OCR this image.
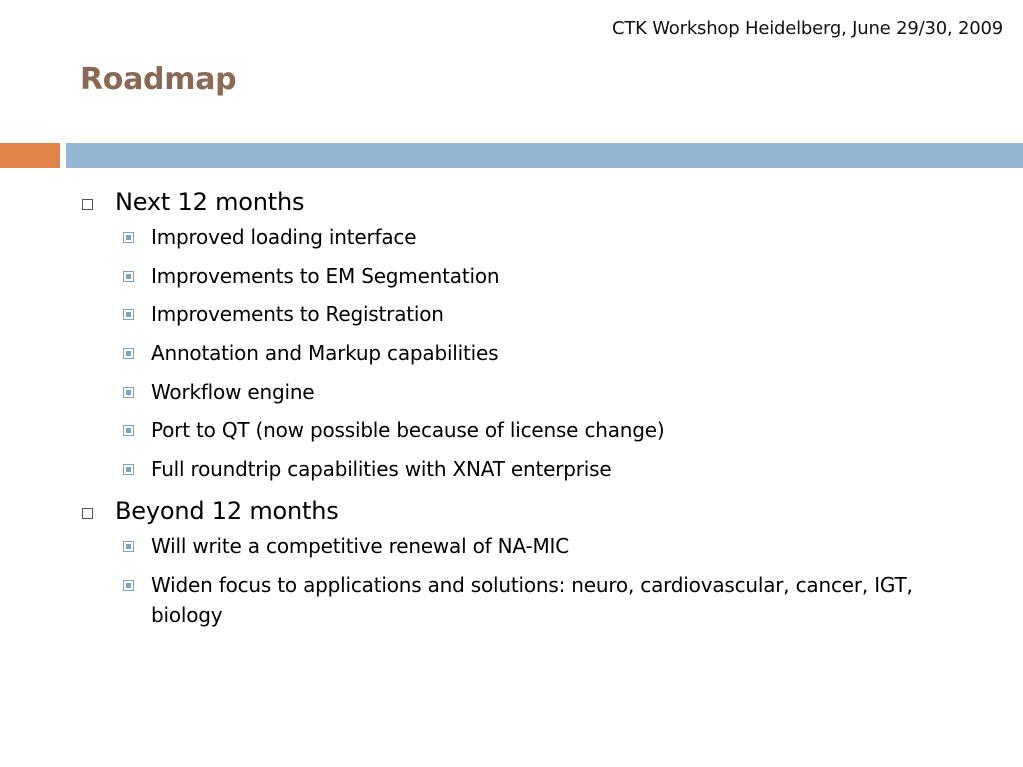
CTK Workshop Heidelberg, June 29/30, 2009
Roadmap
Next 12 months
Improved loading interface
Improvements to EM Segmentation
Improvements to Registration
Annotation and Markup capabilities
Workflow engine
Port to QT (now possible because of license change)
Full roundtrip capabilities with XNAT enterprise
Beyond 12 months
Will write a competitive renewal of NA-MIC
Widen focus to applications and solutions: neuro, cardiovascular, cancer, IGT, biology
